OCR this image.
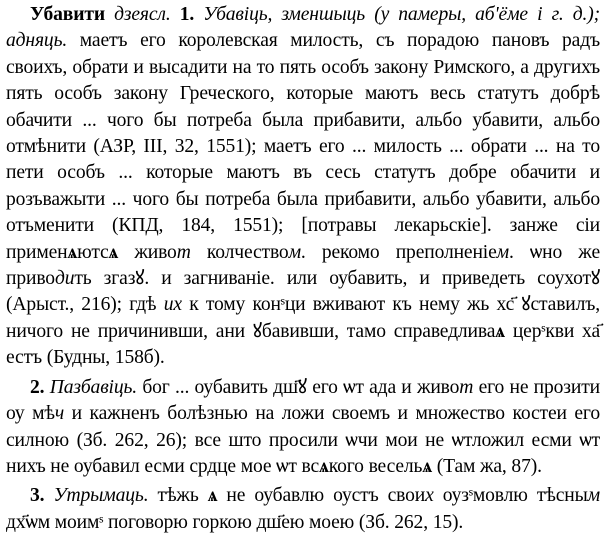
Убавити дзеясл. 1. Убавіць, зменшыць (у памеры, аб'ёме і г. д.); адняць. маетъ его королевская милость, съ порадою пановъ радъ своихъ, обрати и высадити на то пять особъ закону Римского, а другихъ пять особъ закону Греческого, которые маютъ весь статутъ добрѣ обачити ... чого бы потреба была прибавити, альбо убавити, альбо отмѣнити (АЗР, III, 32, 1551); маетъ его ... милость ... обрати ... на то пети особъ ... которые маютъ въ сесь статутъ добре обачити и розъважыти ... чого бы потреба была прибавити, альбо убавити, альбо отъменити (КПД, 184, 1551); [потравы лекарьскіе]. занже сіи применѧютсѧ живот колчеством. рекомо преполненіем. ѡно же приводить згазꙋ. и загниваніе. или оубавить, и приведеть соухотꙋ (Арыст., 216); гдѣ их к тому конˢци вживают къ нему жь хс҃ ꙋставилъ, ничого не причинивши, ани ꙋбавивши, тамо справедливаѧ церˢкви ха҃ естъ (Будны, 158б).

2. Пазбавіць. бог ... оубавить дш҃ꙋ его ѡт ада и живот его не прозити оу мѣч и кажненъ болѣзнью на ложи своемъ и множество костеи его силною (Зб. 262, 26); все што просили ѡчи мои не ѡтложил есми ѡт нихъ не оубавил есми срдце мое ѡт всѧкого весельѧ (Там жа, 87).

3. Утрымаць. тѣжь ѧ не оубавлю оустъ своих оузˢмовлю тѣсным дх҃ѡм моимˢ поговорю горкою дш҃ею моею (Зб. 262, 15).
